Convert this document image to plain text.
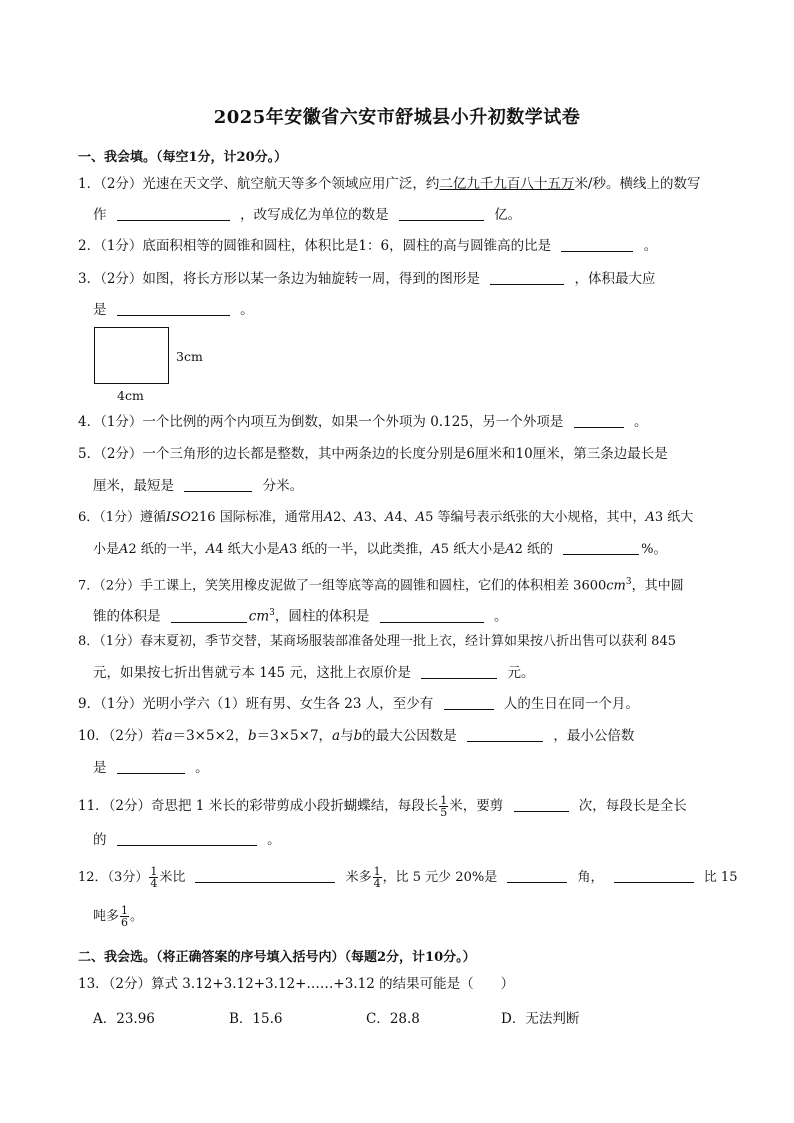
2025年安徽省六安市舒城县小升初数学试卷
一、我会填。（每空1分，计20分。）
1．（2分）光速在天文学、航空航天等多个领域应用广泛，约二亿九千九百八十五万米/秒。横线上的数写
作	，改写成亿为单位的数是	亿。
2．（1分）底面积相等的圆锥和圆柱，体积比是1：6，圆柱的高与圆锥高的比是	。
3．（2分）如图，将长方形以某一条边为轴旋转一周，得到的图形是	，体积最大应
是	。
3cm
4cm
4．（1分）一个比例的两个内项互为倒数，如果一个外项为 0.125，另一个外项是	。
5．（2分）一个三角形的边长都是整数，其中两条边的长度分别是6厘米和10厘米，第三条边最长是
厘米，最短是	分米。
6．（1分）遵循ISO216 国际标准，通常用A2、A3、A4、A5 等编号表示纸张的大小规格，其中，A3 纸大
小是A2 纸的一半，A4 纸大小是A3 纸的一半，以此类推，A5 纸大小是A2 纸的	%。
7．（2分）手工课上，笑笑用橡皮泥做了一组等底等高的圆锥和圆柱，它们的体积相差 $3600cm^3$，其中圆
锥的体积是	$cm^3$，圆柱的体积是	。
8．（1分）春末夏初，季节交替，某商场服装部准备处理一批上衣，经计算如果按八折出售可以获利 845
元，如果按七折出售就亏本 145 元，这批上衣原价是	元。
9．（1分）光明小学六（1）班有男、女生各 23 人，至少有	人的生日在同一个月。
10．（2分）若a＝3×5×2，b＝3×5×7，a与b的最大公因数是	，最小公倍数
是	。
11．（2分）奇思把 1 米长的彩带剪成小段折蝴蝶结，每段长 $\frac{1}{5}$ 米，要剪	次，每段长是全长
的	。
12．（3分） $\frac{1}{4}$ 米比	米多 $\frac{1}{4}$ ，比 5 元少 20%是	角，	比 15
吨多 $\frac{1}{6}$ 。
二、我会选。（将正确答案的序号填入括号内）（每题2分，计10分。）
13．（2分）算式 3.12+3.12+3.12+……+3.12 的结果可能是（　　）
A．23.96	B．15.6	C．28.8	D．无法判断
